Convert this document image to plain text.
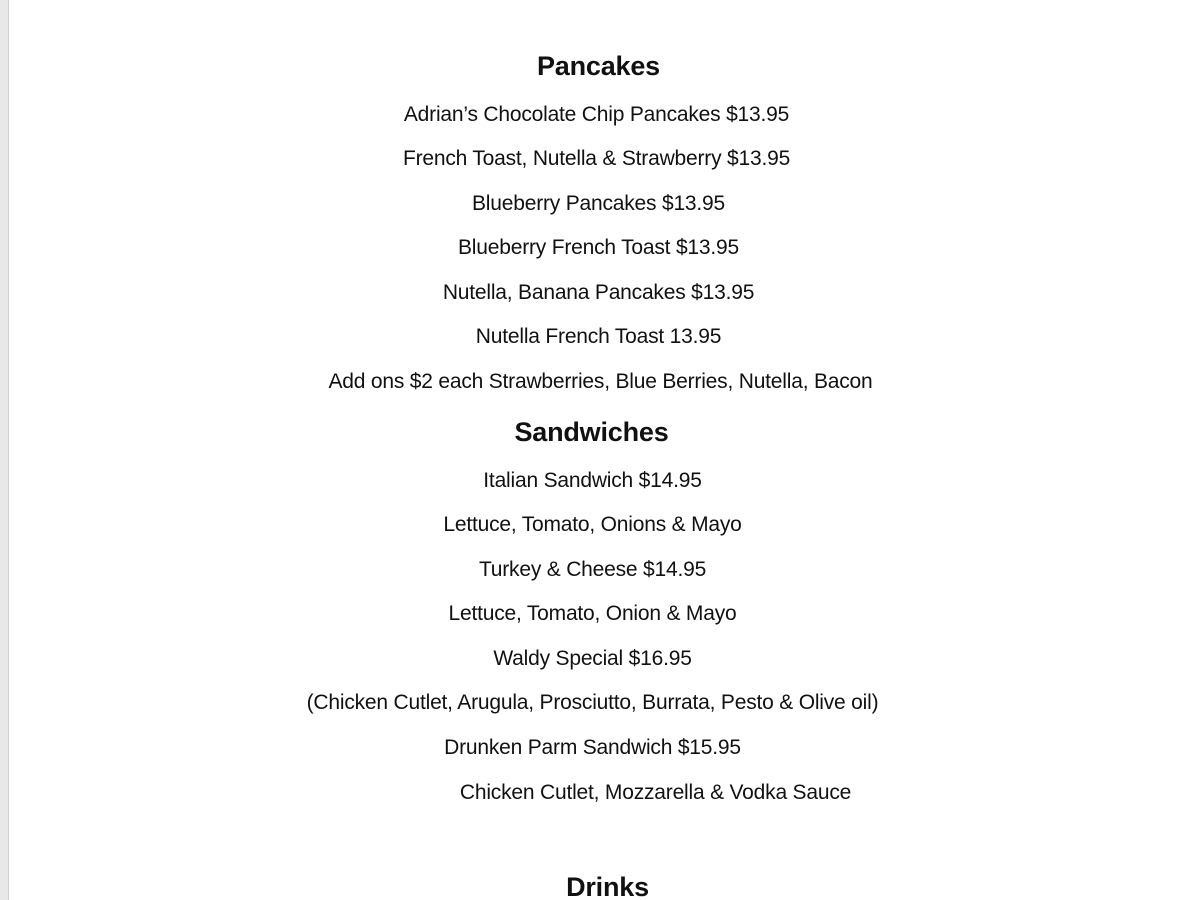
Pancakes
Adrian’s Chocolate Chip Pancakes $13.95
French Toast, Nutella & Strawberry $13.95
Blueberry Pancakes $13.95
Blueberry French Toast $13.95
Nutella, Banana Pancakes $13.95
Nutella French Toast 13.95
Add ons $2 each Strawberries, Blue Berries, Nutella, Bacon
Sandwiches
Italian Sandwich $14.95
Lettuce, Tomato, Onions & Mayo
Turkey & Cheese $14.95
Lettuce, Tomato, Onion & Mayo
Waldy Special $16.95
(Chicken Cutlet, Arugula, Prosciutto, Burrata, Pesto & Olive oil)
Drunken Parm Sandwich $15.95
Chicken Cutlet, Mozzarella & Vodka Sauce
Drinks
